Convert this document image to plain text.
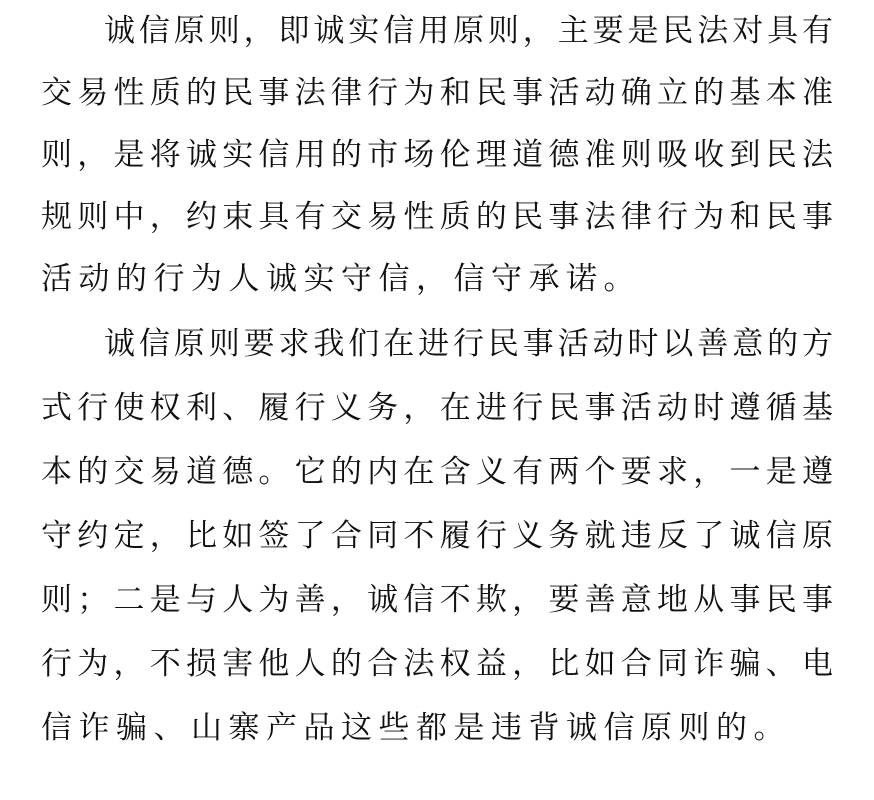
诚信原则，即诚实信用原则，主要是民法对具有
交易性质的民事法律行为和民事活动确立的基本准
则，是将诚实信用的市场伦理道德准则吸收到民法
规则中，约束具有交易性质的民事法律行为和民事
活动的行为人诚实守信，信守承诺。
诚信原则要求我们在进行民事活动时以善意的方
式行使权利、履行义务，在进行民事活动时遵循基
本的交易道德。它的内在含义有两个要求，一是遵
守约定，比如签了合同不履行义务就违反了诚信原
则；二是与人为善，诚信不欺，要善意地从事民事
行为，不损害他人的合法权益，比如合同诈骗、电
信诈骗、山寨产品这些都是违背诚信原则的。
